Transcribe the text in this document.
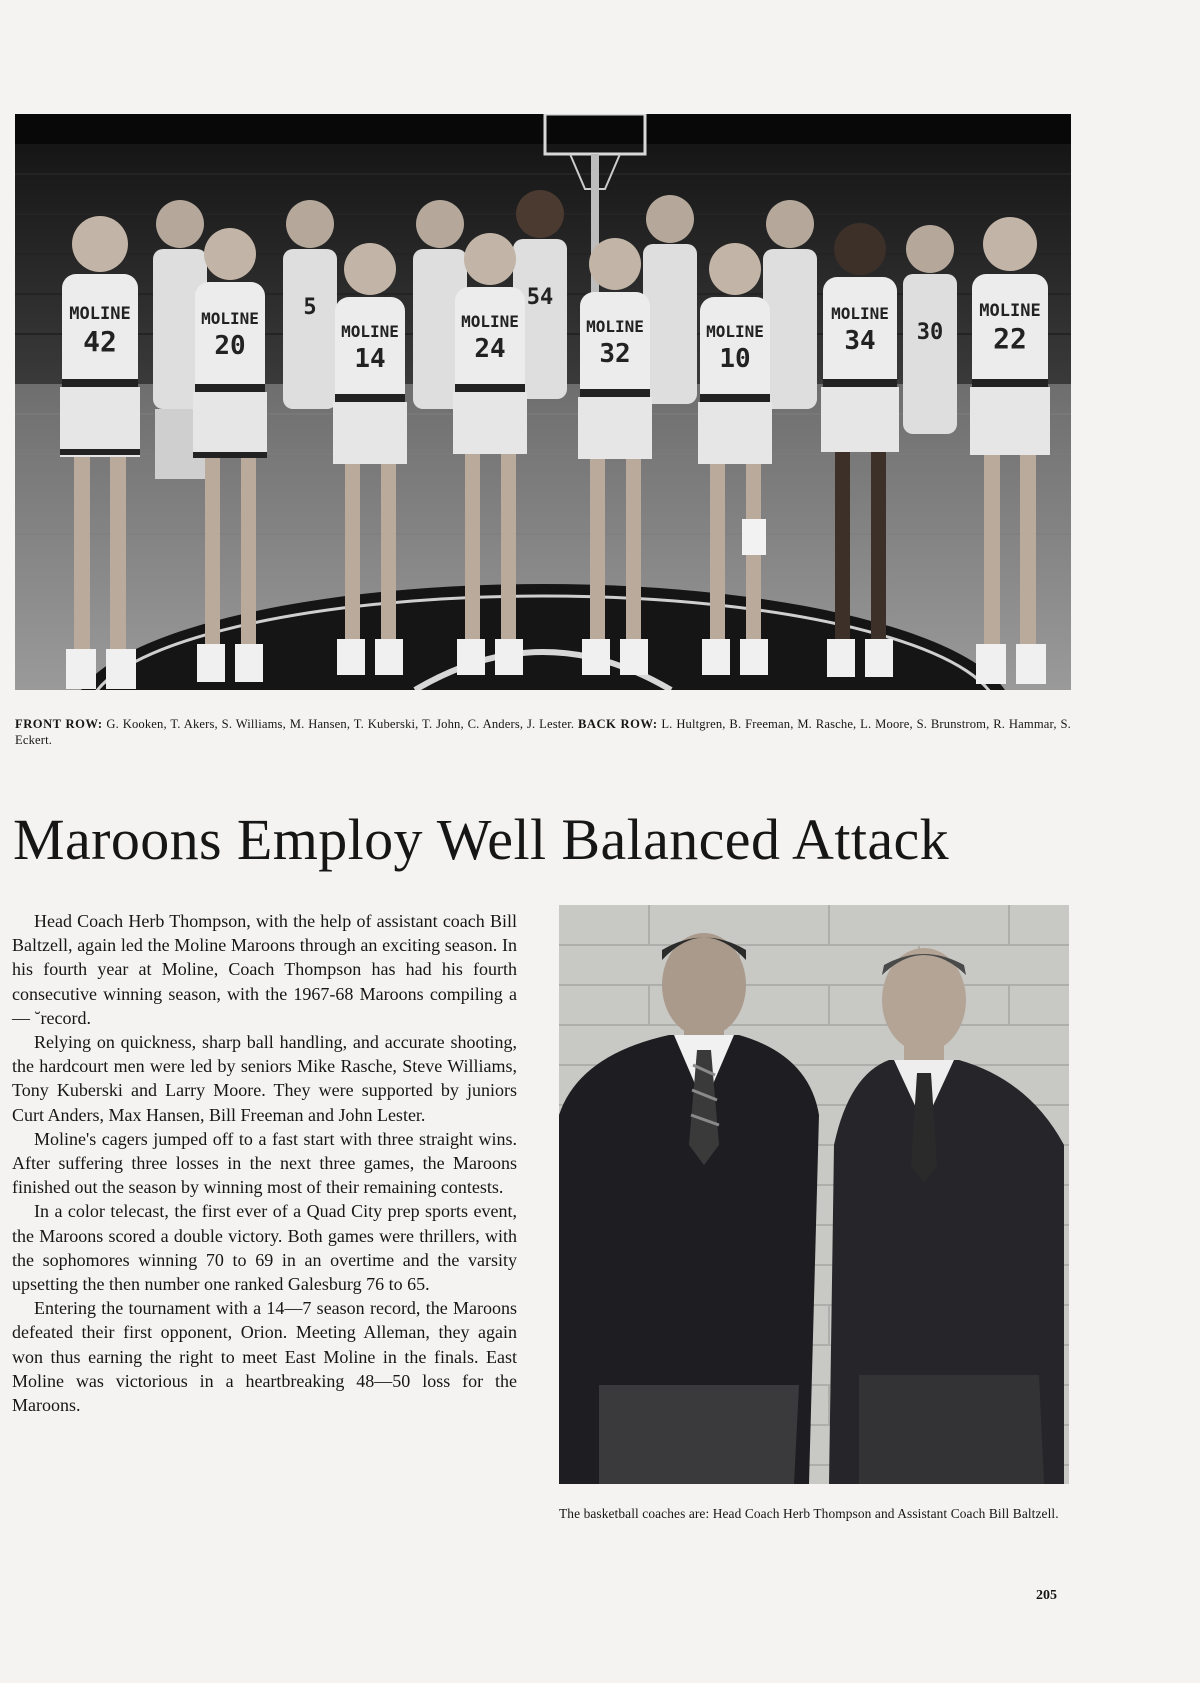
5	54
30
MOLINE
42
MOLINE
20	MOLINE
14
MOLINE
24
MOLINE
32
MOLINE
10
MOLINE
34
MOLINE
22
FRONT ROW: G. Kooken, T. Akers, S. Williams, M. Hansen, T. Kuberski, T. John, C. Anders, J. Lester. BACK ROW: L. Hultgren, B. Freeman, M. Rasche, L. Moore, S. Brunstrom, R. Hammar, S. Eckert.
Maroons Employ Well Balanced Attack

Head Coach Herb Thompson, with the help of assistant coach Bill Baltzell, again led the Moline Maroons through an exciting season. In his fourth year at Moline, Coach Thompson has had his fourth consecutive winning season, with the 1967-68 Maroons compiling a — ˘record.

Relying on quickness, sharp ball handling, and accurate shooting, the hardcourt men were led by seniors Mike Rasche, Steve Williams, Tony Kuberski and Larry Moore. They were supported by juniors Curt Anders, Max Hansen, Bill Freeman and John Lester.

Moline's cagers jumped off to a fast start with three straight wins. After suffering three losses in the next three games, the Maroons finished out the season by winning most of their remaining contests.

In a color telecast, the first ever of a Quad City prep sports event, the Maroons scored a double victory. Both games were thrillers, with the sophomores winning 70 to 69 in an overtime and the varsity upsetting the then number one ranked Galesburg 76 to 65.

Entering the tournament with a 14—7 season record, the Maroons defeated their first opponent, Orion. Meeting Alleman, they again won thus earning the right to meet East Moline in the finals. East Moline was victorious in a heartbreaking 48—50 loss for the Maroons.

The basketball coaches are: Head Coach Herb Thompson and Assistant Coach Bill Baltzell.
205
